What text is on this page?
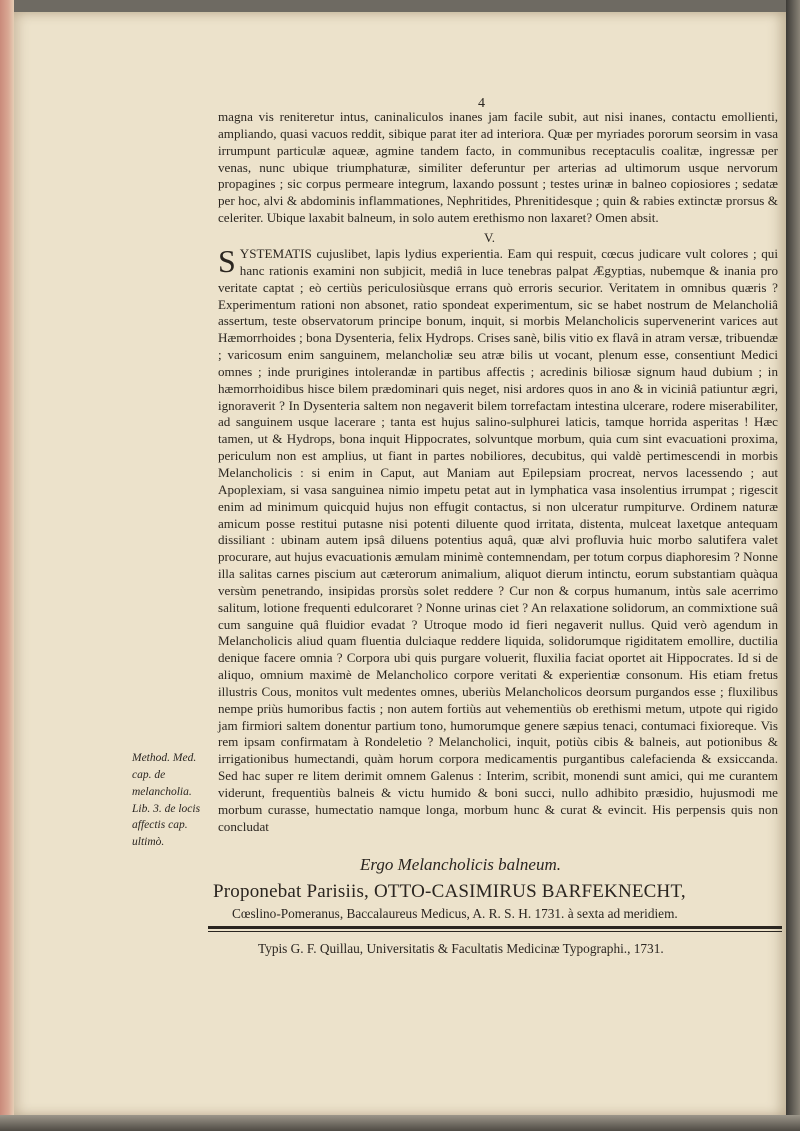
4

magna vis reniteretur intus, caninaliculos inanes jam facile subit, aut nisi inanes, contactu emollienti, ampliando, quasi vacuos reddit, sibique parat iter ad interiora. Quæ per myriades pororum seorsim in vasa irrumpunt particulæ aqueæ, agmine tandem facto, in communibus receptaculis coalitæ, ingressæ per venas, nunc ubique triumphaturæ, similiter deferuntur per arterias ad ultimorum usque nervorum propagines ; sic corpus permeare integrum, laxando possunt ; testes urinæ in balneo copiosiores ; sedatæ per hoc, alvi & abdominis inflammationes, Nephritides, Phrenitidesque ; quin & rabies extinctæ prorsus & celeriter. Ubique laxabit balneum, in solo autem erethismo non laxaret? Omen absit.

V.
S YSTEMATIS cujuslibet, lapis lydius experientia. Eam qui respuit, cœcus judicare vult colores ; qui hanc rationis examini non subjicit, mediâ in luce tenebras palpat Ægyptias, nubemque & inania pro veritate captat ; eò certiùs periculosiùsque errans quò erroris securior. Veritatem in omnibus quæris ? Experimentum rationi non absonet, ratio spondeat experimentum, sic se habet nostrum de Melancholiâ assertum, teste observatorum principe bonum, inquit, si morbis Melancholicis supervenerint varices aut Hæmorrhoides ; bona Dysenteria, felix Hydrops. Crises sanè, bilis vitio ex flavâ in atram versæ, tribuendæ ; varicosum enim sanguinem, melancholiæ seu atræ bilis ut vocant, plenum esse, consentiunt Medici omnes ; inde prurigines intolerandæ in partibus affectis ; acredinis biliosæ signum haud dubium ; in hæmorrhoidibus hisce bilem prædominari quis neget, nisi ardores quos in ano & in viciniâ patiuntur ægri, ignoraverit ? In Dysenteria saltem non negaverit bilem torrefactam intestina ulcerare, rodere miserabiliter, ad sanguinem usque lacerare ; tanta est hujus salino-sulphurei laticis, tamque horrida asperitas ! Hæc tamen, ut & Hydrops, bona inquit Hippocrates, solvuntque morbum, quia cum sint evacuationi proxima, periculum non est amplius, ut fiant in partes nobiliores, decubitus, qui valdè pertimescendi in morbis Melancholicis : si enim in Caput, aut Maniam aut Epilepsiam procreat, nervos lacessendo ; aut Apoplexiam, si vasa sanguinea nimio impetu petat aut in lymphatica vasa insolentius irrumpat ; rigescit enim ad minimum quicquid hujus non effugit contactus, si non ulceratur rumpiturve. Ordinem naturæ amicum posse restitui putasne nisi potenti diluente quod irritata, distenta, mulceat laxetque antequam dissiliant : ubinam autem ipsâ diluens potentius aquâ, quæ alvi profluvia huic morbo salutifera valet procurare, aut hujus evacuationis æmulam minimè contemnendam, per totum corpus diaphoresim ? Nonne illa salitas carnes piscium aut cæterorum animalium, aliquot dierum intinctu, eorum substantiam quàqua versùm penetrando, insipidas prorsùs solet reddere ? Cur non & corpus humanum, intùs sale acerrimo salitum, lotione frequenti edulcoraret ? Nonne urinas ciet ? An relaxatione solidorum, an commixtione suâ cum sanguine quâ fluidior evadat ? Utroque modo id fieri negaverit nullus. Quid verò agendum in Melancholicis aliud quam fluentia dulciaque reddere liquida, solidorumque rigiditatem emollire, ductilia denique facere omnia ? Corpora ubi quis purgare voluerit, fluxilia faciat oportet ait Hippocrates. Id si de aliquo, omnium maximè de Melancholico corpore veritati & experientiæ consonum. His etiam fretus illustris Cous, monitos vult medentes omnes, uberiùs Melancholicos deorsum purgandos esse ; fluxilibus nempe priùs humoribus factis ; non autem fortiùs aut vehementiùs ob erethismi metum, utpote qui rigido jam firmiori saltem donentur partium tono, humorumque genere sæpius tenaci, contumaci fixioreque. Vis rem ipsam confirmatam à Rondeletio ? Melancholici, inquit, potiùs cibis & balneis, aut potionibus & irrigationibus humectandi, quàm horum corpora medicamentis purgantibus calefacienda & exsiccanda. Sed hac super re litem derimit omnem Galenus : Interim, scribit, monendi sunt amici, qui me curantem viderunt, frequentiùs balneis & victu humido & boni succi, nullo adhibito præsidio, hujusmodi me morbum curasse, humectatio namque longa, morbum hunc & curat & evincit. His perpensis quis non concludat
Method. Med. cap. de melancholia.
Lib. 3. de locis affectis cap. ultimò.
Ergo Melancholicis balneum.
Proponebat Parisiis, OTTO-CASIMIRUS BARFEKNECHT,
Cœslino-Pomeranus, Baccalaureus Medicus, A. R. S. H. 1731. à sexta ad meridiem.
Typis G. F. Quillau, Universitatis & Facultatis Medicinæ Typographi., 1731.
